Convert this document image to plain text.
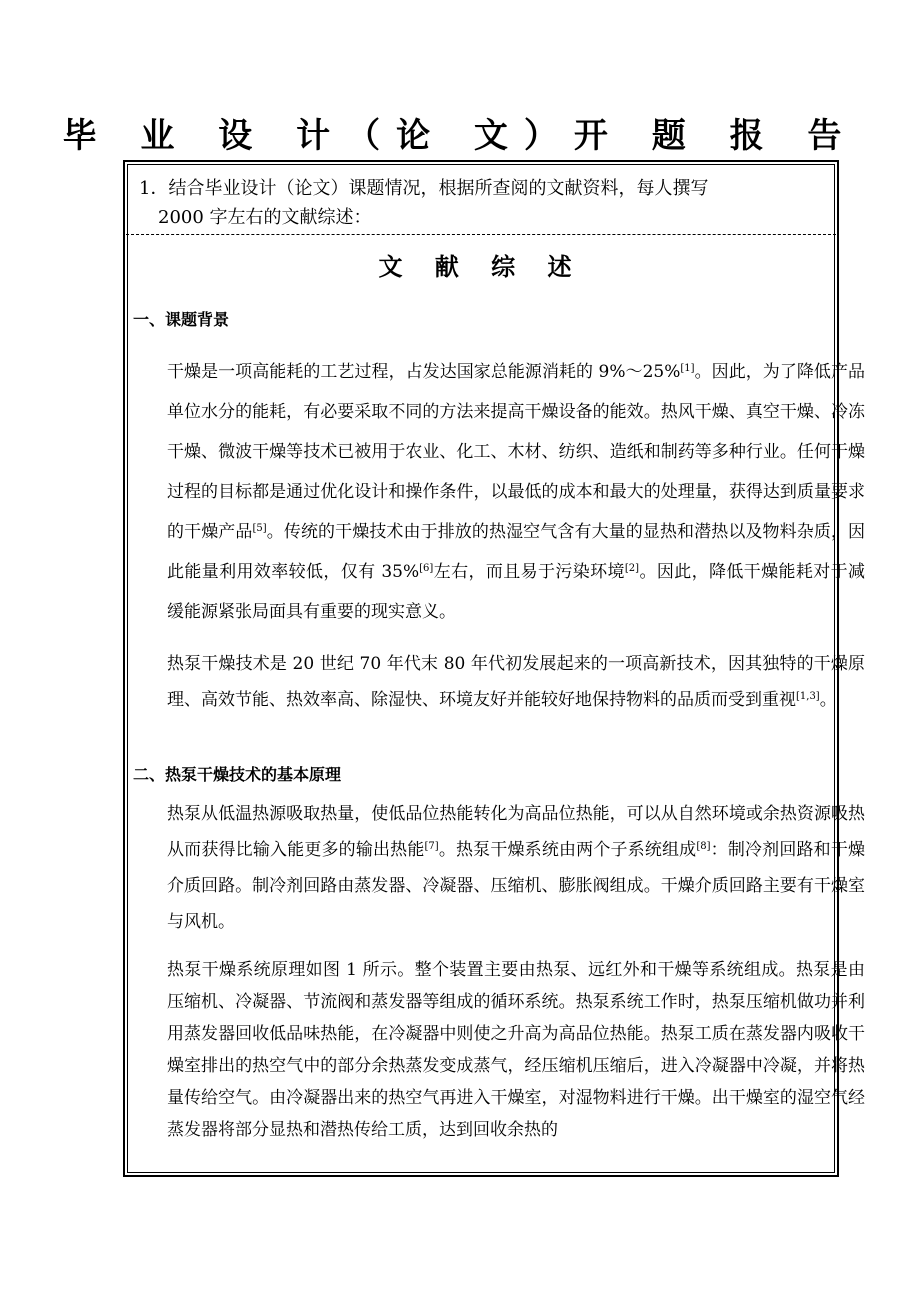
毕 业 设 计（论 文）开 题 报 告
1．结合毕业设计（论文）课题情况，根据所查阅的文献资料，每人撰写
2000 字左右的文献综述：
文 献 综 述
一、课题背景
干燥是一项高能耗的工艺过程，占发达国家总能源消耗的 9%～25%[1]。因此，为了降低产品单位水分的能耗，有必要采取不同的方法来提高干燥设备的能效。热风干燥、真空干燥、冷冻干燥、微波干燥等技术已被用于农业、化工、木材、纺织、造纸和制药等多种行业。任何干燥过程的目标都是通过优化设计和操作条件，以最低的成本和最大的处理量，获得达到质量要求的干燥产品[5]。传统的干燥技术由于排放的热湿空气含有大量的显热和潜热以及物料杂质，因此能量利用效率较低，仅有 35%[6]左右，而且易于污染环境[2]。因此，降低干燥能耗对于减缓能源紧张局面具有重要的现实意义。
热泵干燥技术是 20 世纪 70 年代末 80 年代初发展起来的一项高新技术，因其独特的干燥原理、高效节能、热效率高、除湿快、环境友好并能较好地保持物料的品质而受到重视[1,3]。
二、热泵干燥技术的基本原理
热泵从低温热源吸取热量，使低品位热能转化为高品位热能，可以从自然环境或余热资源吸热从而获得比输入能更多的输出热能[7]。热泵干燥系统由两个子系统组成[8]：制冷剂回路和干燥介质回路。制冷剂回路由蒸发器、冷凝器、压缩机、膨胀阀组成。干燥介质回路主要有干燥室与风机。
热泵干燥系统原理如图 1 所示。整个装置主要由热泵、远红外和干燥等系统组成。热泵是由压缩机、冷凝器、节流阀和蒸发器等组成的循环系统。热泵系统工作时，热泵压缩机做功并利用蒸发器回收低品味热能，在冷凝器中则使之升高为高品位热能。热泵工质在蒸发器内吸收干燥室排出的热空气中的部分余热蒸发变成蒸气，经压缩机压缩后，进入冷凝器中冷凝，并将热量传给空气。由冷凝器出来的热空气再进入干燥室，对湿物料进行干燥。出干燥室的湿空气经蒸发器将部分显热和潜热传给工质，达到回收余热的
